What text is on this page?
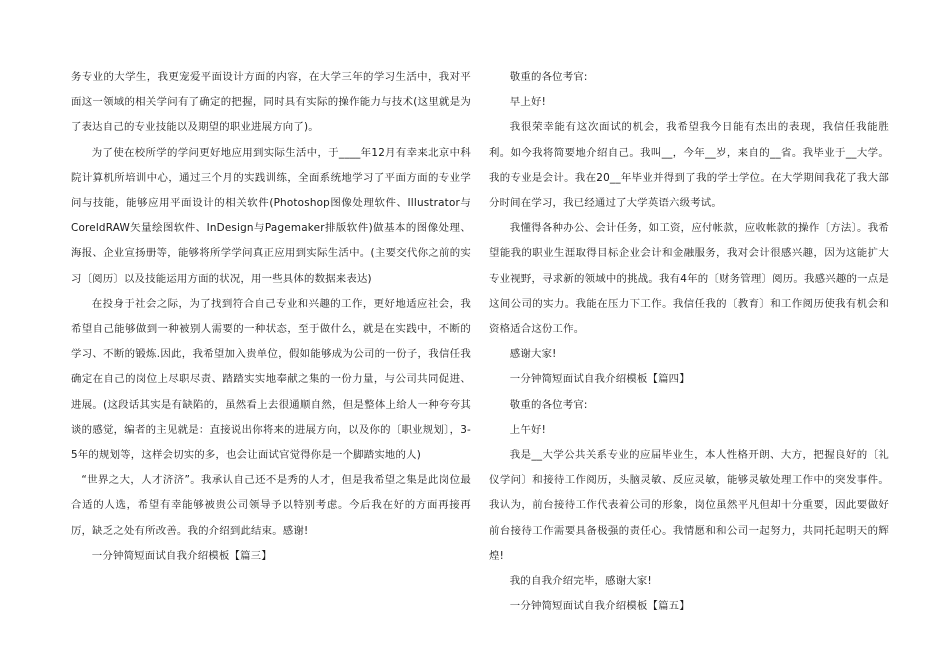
务专业的大学生，我更宠爱平面设计方面的内容，在大学三年的学习生活中，我对平面这一领域的相关学问有了确定的把握，同时具有实际的操作能力与技术(这里就是为了表达自己的专业技能以及期望的职业进展方向了)。

为了使在校所学的学问更好地应用到实际生活中，于____年12月有幸来北京中科院计算机所培训中心，通过三个月的实践训练，全面系统地学习了平面方面的专业学问与技能，能够应用平面设计的相关软件(Photoshop图像处理软件、Illustrator与CoreldRAW矢量绘图软件、InDesign与Pagemaker排版软件)做基本的图像处理、海报、企业宣扬册等，能够将所学学问真正应用到实际生活中。(主要交代你之前的实习〔阅历〕以及技能运用方面的状况，用一些具体的数据来表达)

在投身于社会之际，为了找到符合自己专业和兴趣的工作，更好地适应社会，我希望自己能够做到一种被别人需要的一种状态，至于做什么，就是在实践中，不断的学习、不断的锻炼.因此，我希望加入贵单位，假如能够成为公司的一份子，我信任我确定在自己的岗位上尽职尽责、踏踏实实地奉献之集的一份力量，与公司共同促进、进展。(这段话其实是有缺陷的，虽然看上去很通顺自然，但是整体上给人一种夸夸其谈的感觉，编者的主见就是：直接说出你将来的进展方向，以及你的〔职业规划〕，3-5年的规划等，这样会切实的多，也会让面试官觉得你是一个脚踏实地的人)

“世界之大，人才济济”。我承认自己还不是秀的人才，但是我希望之集是此岗位最合适的人选，希望有幸能够被贵公司领导予以特别考虑。今后我在好的方面再接再厉，缺乏之处有所改善。我的介绍到此结束。感谢!

一分钟简短面试自我介绍模板【篇三】

敬重的各位考官:

早上好!

我很荣幸能有这次面试的机会，我希望我今日能有杰出的表现，我信任我能胜利。如今我将简要地介绍自己。我叫__，今年__岁，来自的__省。我毕业于__大学。我的专业是会计。我在20__年毕业并得到了我的学士学位。在大学期间我花了我大部分时间在学习，我已经通过了大学英语六级考试。

我懂得各种办公、会计任务，如工资，应付帐款，应收帐款的操作〔方法〕。我希望能我的职业生涯取得目标企业会计和金融服务，我对会计很感兴趣，因为这能扩大专业视野，寻求新的领域中的挑战。我有4年的〔财务管理〕阅历。我感兴趣的一点是这间公司的实力。我能在压力下工作。我信任我的〔教育〕和工作阅历使我有机会和资格适合这份工作。

感谢大家!

一分钟简短面试自我介绍模板【篇四】

敬重的各位考官:

上午好!

我是__大学公共关系专业的应届毕业生，本人性格开朗、大方，把握良好的〔礼仪学问〕和接待工作阅历，头脑灵敏、反应灵敏，能够灵敏处理工作中的突发事件。我认为，前台接待工作代表着公司的形象，岗位虽然平凡但却十分重要，因此要做好前台接待工作需要具备极强的责任心。我情愿和和公司一起努力，共同托起明天的辉煌!

我的自我介绍完毕，感谢大家!

一分钟简短面试自我介绍模板【篇五】
